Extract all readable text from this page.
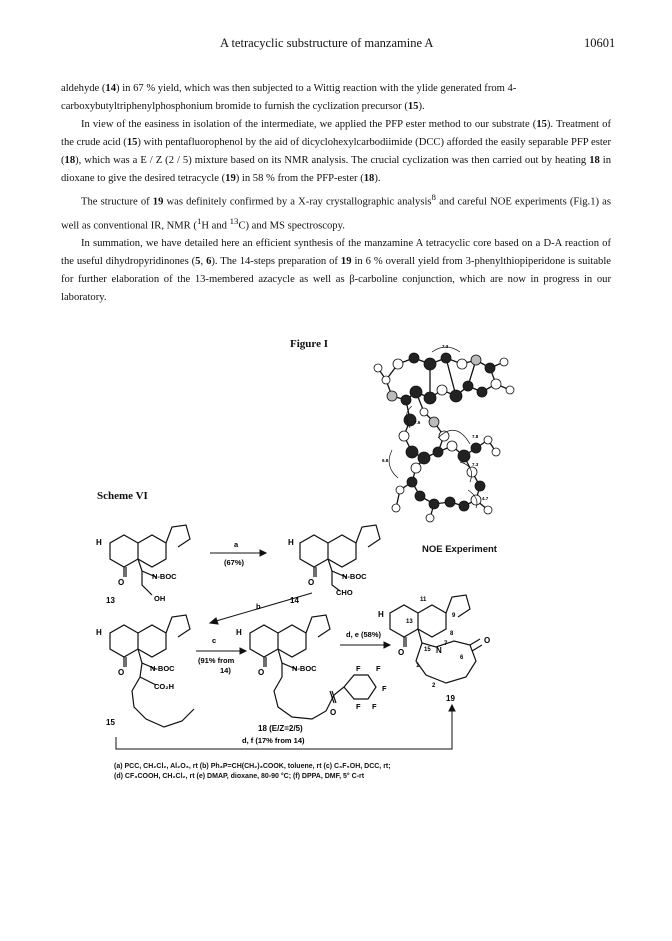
A tetracyclic substructure of manzamine A	10601

aldehyde (14) in 67 % yield, which was then subjected to a Wittig reaction with the ylide generated from 4-
carboxybutyltriphenylphosphonium bromide to furnish the cyclization precursor (15).

In view of the easiness in isolation of the intermediate, we applied the PFP ester method to our substrate (15). Treatment of the crude acid (15) with pentafluorophenol by the aid of dicyclohexylcarbodiimide (DCC) afforded the easily separable PFP ester (18), which was a E / Z (2 / 5) mixture based on its NMR analysis. The crucial cyclization was then carried out by heating 18 in dioxane to give the desired tetracycle (19) in 58 % from the PFP-ester (18).

The structure of 19 was definitely confirmed by a X-ray crystallographic analysis$^8$ and careful NOE experiments (Fig.1) as well as conventional IR, NMR ($^1$H and $^{13}$C) and MS spectroscopy.

In summation, we have detailed here an efficient synthesis of the manzamine A tetracyclic core based on a D-A reaction of the useful dihydropyridinones (5, 6). The 14-steps preparation of 19 in 6 % overall yield from 3-phenylthiopiperidone is suitable for further elaboration of the 13-membered azacycle as well as β-carboline conjunction, which are now in progress in our laboratory.

Figure I	7.3
7.6
7.8
6.8
7.3
4.7
NOE Experiment
Scheme VI
H
O
N-BOC
OH
H
O
N-BOC
CHO
H
O	N-BOC
CO₂H
H
O	N-BOC
O
F F
F
F F
H
O	N
O
11
13
8
9
15
7
6
1
2
a
(67%)
b
c
(91% from
14)
d, e (58%)
d, f (17% from 14)
13	14
15
18 (E/Z=2/5)
19
(a) PCC, CH₂Cl₂, Al₂O₃, rt (b) Ph₃P=CH(CH₂)₃COOK, toluene, rt (c) C₆F₅OH, DCC, rt;
(d) CF₃COOH, CH₂Cl₂, rt (e) DMAP, dioxane, 80-90 °C; (f) DPPA, DMF, 5° C-rt
